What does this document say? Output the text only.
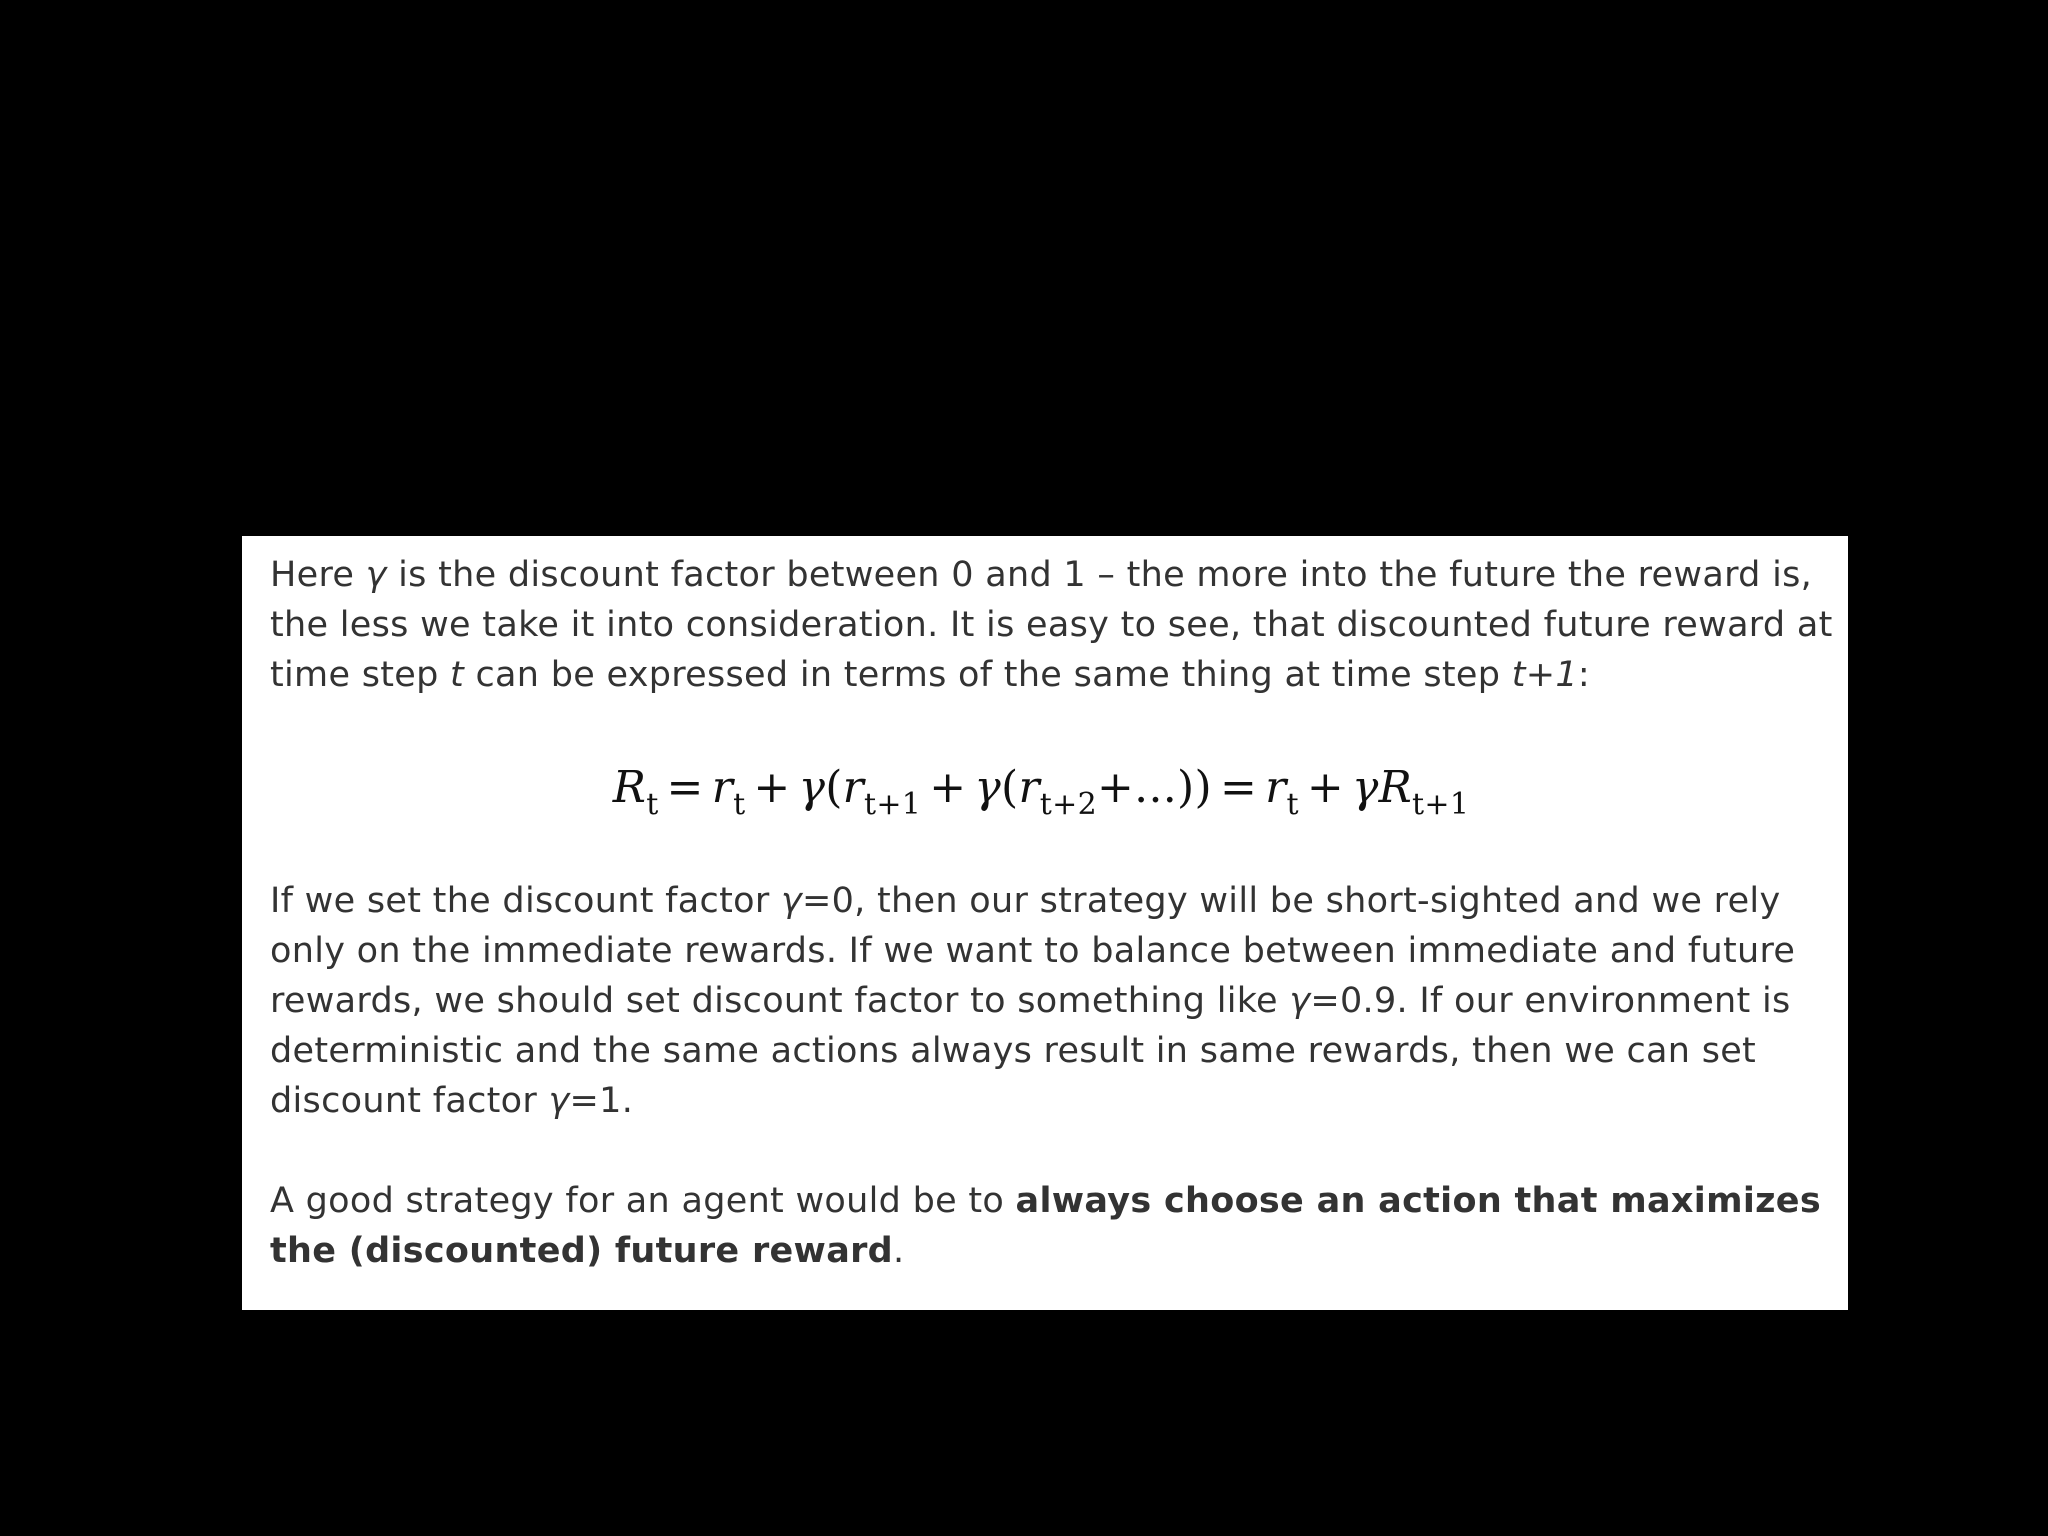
Here γ is the discount factor between 0 and 1 – the more into the future the reward is,
the less we take it into consideration. It is easy to see, that discounted future reward at
time step t can be expressed in terms of the same thing at time step t+1:
$R_t = r_t + \gamma(r_{t+1} + \gamma(r_{t+2}+...)) = r_t + \gamma R_{t+1}$
If we set the discount factor γ=0, then our strategy will be short-sighted and we rely
only on the immediate rewards. If we want to balance between immediate and future
rewards, we should set discount factor to something like γ=0.9. If our environment is
deterministic and the same actions always result in same rewards, then we can set
discount factor γ=1.
A good strategy for an agent would be to always choose an action that maximizes
the (discounted) future reward.
